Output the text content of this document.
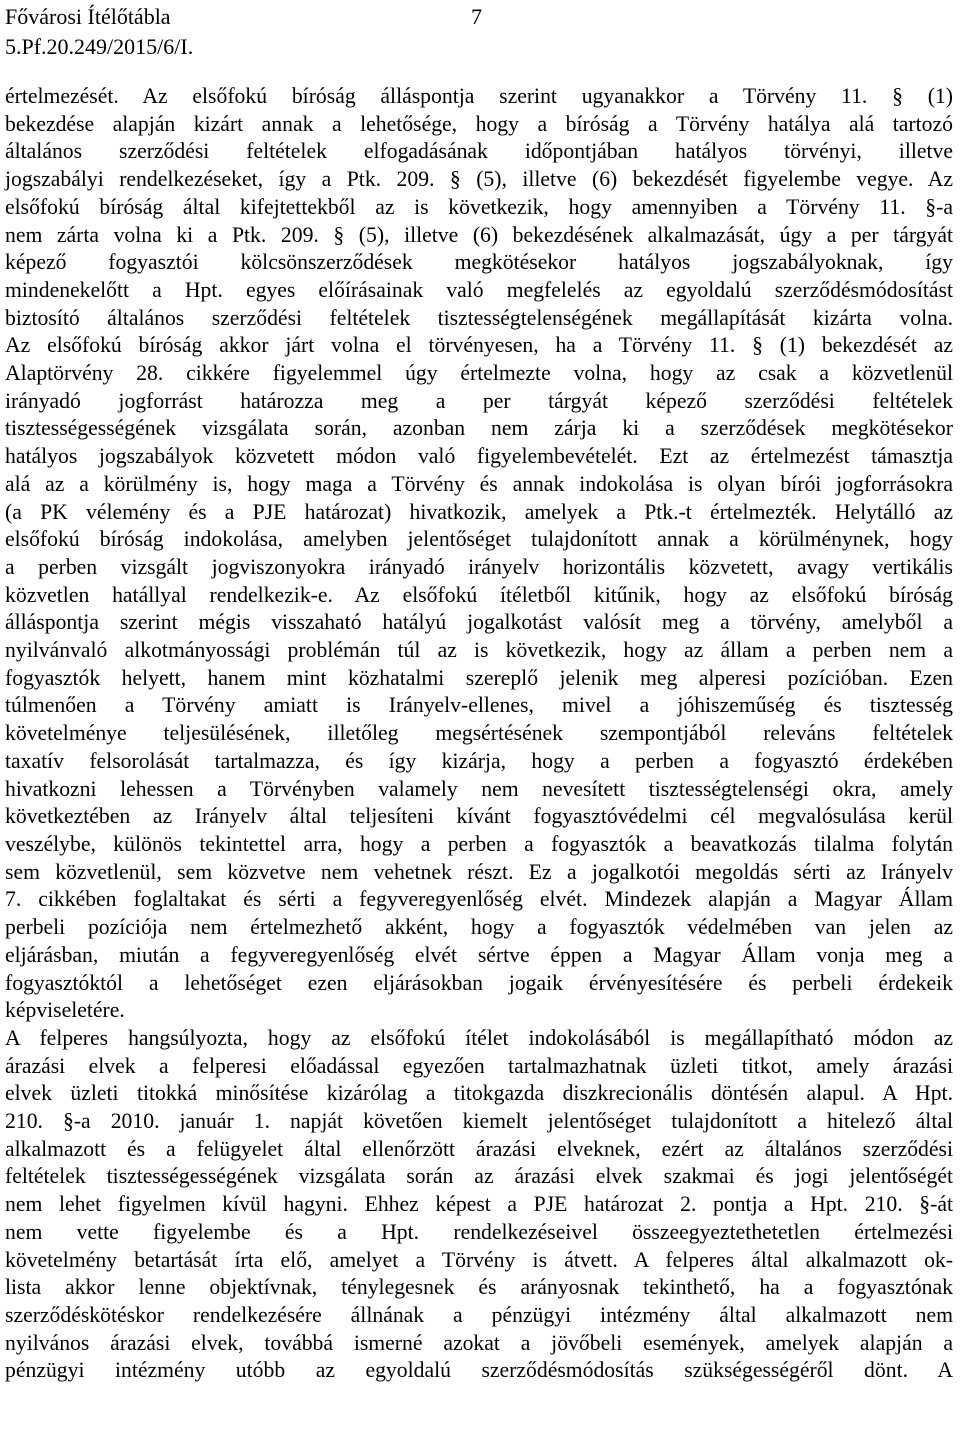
Fővárosi Ítélőtábla
5.Pf.20.249/2015/6/I.
7
értelmezését. Az elsőfokú bíróság álláspontja szerint ugyanakkor a Törvény 11. § (1)
bekezdése alapján kizárt annak a lehetősége, hogy a bíróság a Törvény hatálya alá tartozó
általános szerződési feltételek elfogadásának időpontjában hatályos törvényi, illetve
jogszabályi rendelkezéseket, így a Ptk. 209. § (5), illetve (6) bekezdését figyelembe vegye. Az
elsőfokú bíróság által kifejtettekből az is következik, hogy amennyiben a Törvény 11. §-a
nem zárta volna ki a Ptk. 209. § (5), illetve (6) bekezdésének alkalmazását, úgy a per tárgyát
képező fogyasztói kölcsönszerződések megkötésekor hatályos jogszabályoknak, így
mindenekelőtt a Hpt. egyes előírásainak való megfelelés az egyoldalú szerződésmódosítást
biztosító általános szerződési feltételek tisztességtelenségének megállapítását kizárta volna.
Az elsőfokú bíróság akkor járt volna el törvényesen, ha a Törvény 11. § (1) bekezdését az
Alaptörvény 28. cikkére figyelemmel úgy értelmezte volna, hogy az csak a közvetlenül
irányadó jogforrást határozza meg a per tárgyát képező szerződési feltételek
tisztességességének vizsgálata során, azonban nem zárja ki a szerződések megkötésekor
hatályos jogszabályok közvetett módon való figyelembevételét. Ezt az értelmezést támasztja
alá az a körülmény is, hogy maga a Törvény és annak indokolása is olyan bírói jogforrásokra
(a PK vélemény és a PJE határozat) hivatkozik, amelyek a Ptk.-t értelmezték. Helytálló az
elsőfokú bíróság indokolása, amelyben jelentőséget tulajdonított annak a körülménynek, hogy
a perben vizsgált jogviszonyokra irányadó irányelv horizontális közvetett, avagy vertikális
közvetlen hatállyal rendelkezik-e. Az elsőfokú ítéletből kitűnik, hogy az elsőfokú bíróság
álláspontja szerint mégis visszaható hatályú jogalkotást valósít meg a törvény, amelyből a
nyilvánvaló alkotmányossági problémán túl az is következik, hogy az állam a perben nem a
fogyasztók helyett, hanem mint közhatalmi szereplő jelenik meg alperesi pozícióban. Ezen
túlmenően a Törvény amiatt is Irányelv-ellenes, mivel a jóhiszeműség és tisztesség
követelménye teljesülésének, illetőleg megsértésének szempontjából releváns feltételek
taxatív felsorolását tartalmazza, és így kizárja, hogy a perben a fogyasztó érdekében
hivatkozni lehessen a Törvényben valamely nem nevesített tisztességtelenségi okra, amely
következtében az Irányelv által teljesíteni kívánt fogyasztóvédelmi cél megvalósulása kerül
veszélybe, különös tekintettel arra, hogy a perben a fogyasztók a beavatkozás tilalma folytán
sem közvetlenül, sem közvetve nem vehetnek részt. Ez a jogalkotói megoldás sérti az Irányelv
7. cikkében foglaltakat és sérti a fegyveregyenlőség elvét. Mindezek alapján a Magyar Állam
perbeli pozíciója nem értelmezhető akként, hogy a fogyasztók védelmében van jelen az
eljárásban, miután a fegyveregyenlőség elvét sértve éppen a Magyar Állam vonja meg a
fogyasztóktól a lehetőséget ezen eljárásokban jogaik érvényesítésére és perbeli érdekeik
képviseletére.
A felperes hangsúlyozta, hogy az elsőfokú ítélet indokolásából is megállapítható módon az
árazási elvek a felperesi előadással egyezően tartalmazhatnak üzleti titkot, amely árazási
elvek üzleti titokká minősítése kizárólag a titokgazda diszkrecionális döntésén alapul. A Hpt.
210. §-a 2010. január 1. napját követően kiemelt jelentőséget tulajdonított a hitelező által
alkalmazott és a felügyelet által ellenőrzött árazási elveknek, ezért az általános szerződési
feltételek tisztességességének vizsgálata során az árazási elvek szakmai és jogi jelentőségét
nem lehet figyelmen kívül hagyni. Ehhez képest a PJE határozat 2. pontja a Hpt. 210. §-át
nem vette figyelembe és a Hpt. rendelkezéseivel összeegyeztethetetlen értelmezési
követelmény betartását írta elő, amelyet a Törvény is átvett. A felperes által alkalmazott ok-
lista akkor lenne objektívnak, ténylegesnek és arányosnak tekinthető, ha a fogyasztónak
szerződéskötéskor rendelkezésére állnának a pénzügyi intézmény által alkalmazott nem
nyilvános árazási elvek, továbbá ismerné azokat a jövőbeli események, amelyek alapján a
pénzügyi intézmény utóbb az egyoldalú szerződésmódosítás szükségességéről dönt. A
